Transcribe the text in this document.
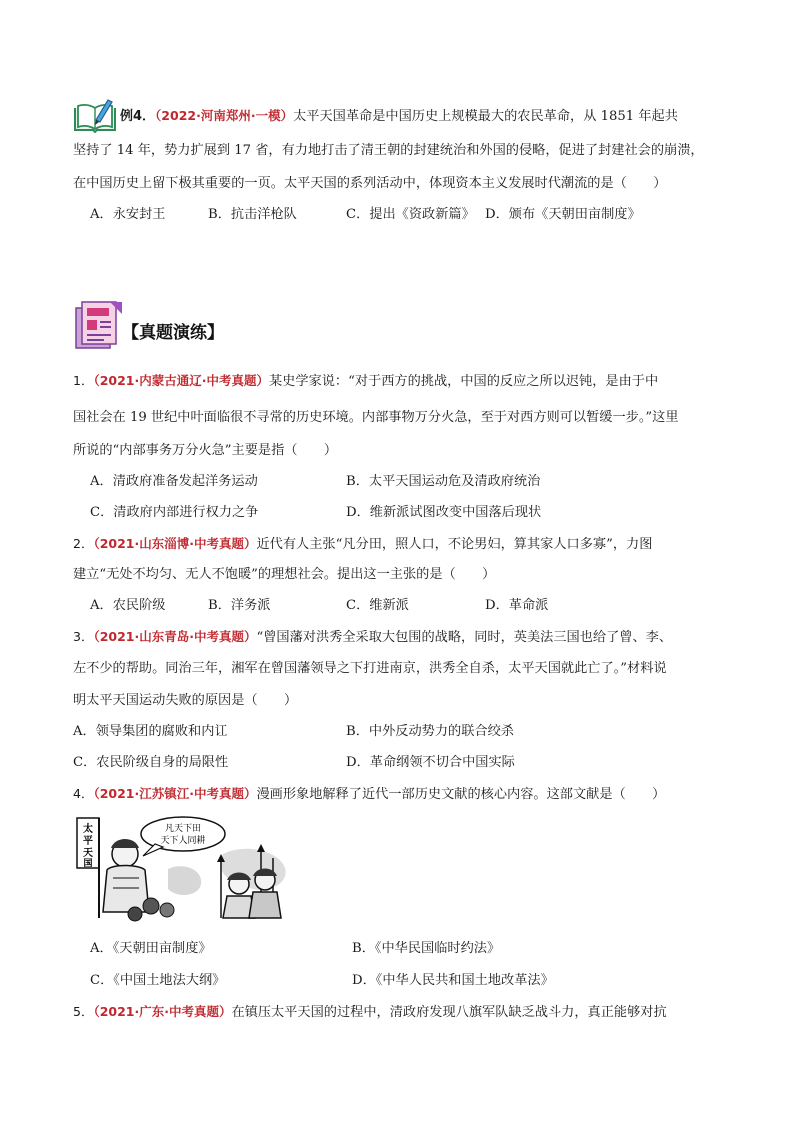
例4．（2022·河南郑州·一模）太平天国革命是中国历史上规模最大的农民革命，从 1851 年起共
坚持了 14 年，势力扩展到 17 省，有力地打击了清王朝的封建统治和外国的侵略，促进了封建社会的崩溃，
在中国历史上留下极其重要的一页。太平天国的系列活动中，体现资本主义发展时代潮流的是（　　）
A．永安封王	B．抗击洋枪队	C．提出《资政新篇》 D．颁布《天朝田亩制度》
【真题演练】
1．（2021·内蒙古通辽·中考真题）某史学家说：“对于西方的挑战，中国的反应之所以迟钝，是由于中
国社会在 19 世纪中叶面临很不寻常的历史环境。内部事物万分火急，至于对西方则可以暂缓一步。”这里
所说的“内部事务万分火急”主要是指（　　）
A．清政府准备发起洋务运动	B．太平天国运动危及清政府统治
C．清政府内部进行权力之争	D．维新派试图改变中国落后现状
2．（2021·山东淄博·中考真题）近代有人主张“凡分田，照人口，不论男妇，算其家人口多寡”，力图
建立“无处不均匀、无人不饱暖”的理想社会。提出这一主张的是（　　）
A．农民阶级	B．洋务派	C．维新派	D．革命派
3．（2021·山东青岛·中考真题）“曾国藩对洪秀全采取大包围的战略，同时，英美法三国也给了曾、李、
左不少的帮助。同治三年，湘军在曾国藩领导之下打进南京，洪秀全自杀，太平天国就此亡了。”材料说
明太平天国运动失败的原因是（　　）
A．领导集团的腐败和内讧	B．中外反动势力的联合绞杀
C．农民阶级自身的局限性	D．革命纲领不切合中国实际
4．（2021·江苏镇江·中考真题）漫画形象地解释了近代一部历史文献的核心内容。这部文献是（　　）
太
平
天
国
凡天下田
天下人同耕
A．《天朝田亩制度》	B．《中华民国临时约法》
C．《中国土地法大纲》	D．《中华人民共和国土地改革法》
5．（2021·广东·中考真题）在镇压太平天国的过程中，清政府发现八旗军队缺乏战斗力，真正能够对抗
